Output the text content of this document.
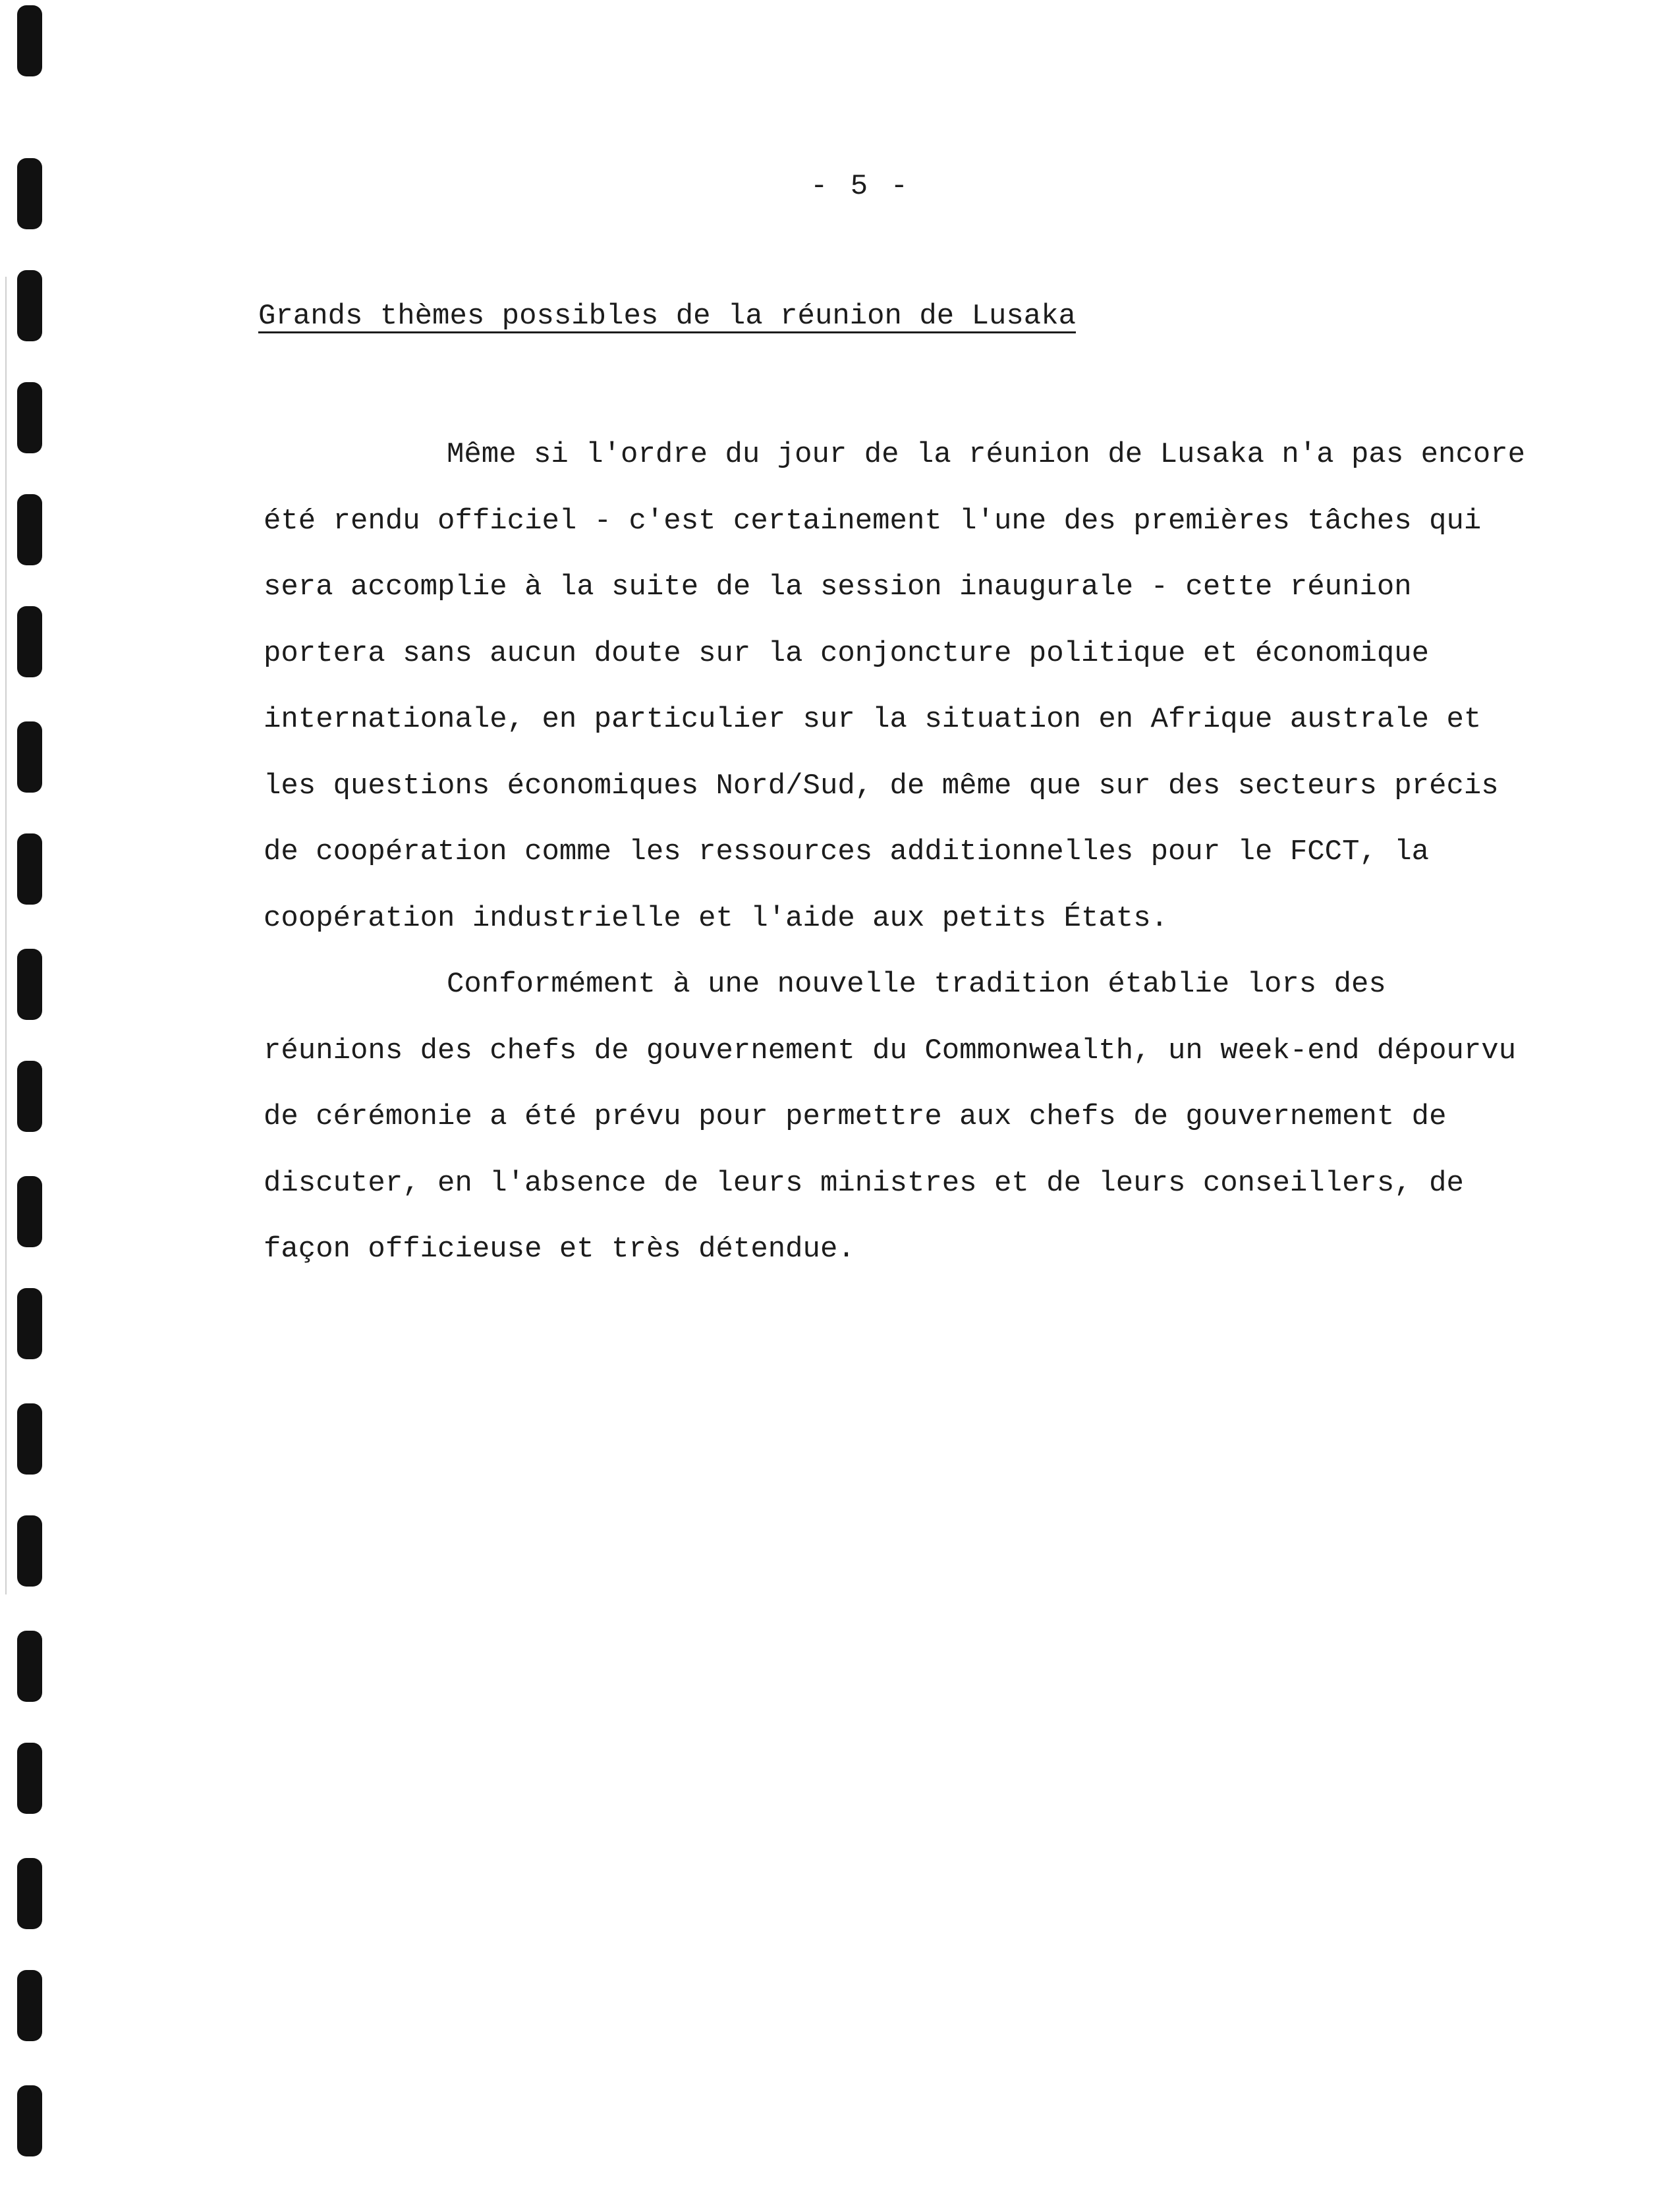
- 5 -
Grands thèmes possibles de la réunion de Lusaka

Même si l'ordre du jour de la réunion de Lusaka n'a pas encore

été rendu officiel - c'est certainement l'une des premières tâches qui

sera accomplie à la suite de la session inaugurale - cette réunion

portera sans aucun doute sur la conjoncture politique et économique

internationale, en particulier sur la situation en Afrique australe et

les questions économiques Nord/Sud, de même que sur des secteurs précis

de coopération comme les ressources additionnelles pour le FCCT, la

coopération industrielle et l'aide aux petits États.

Conformément à une nouvelle tradition établie lors des

réunions des chefs de gouvernement du Commonwealth, un week-end dépourvu

de cérémonie a été prévu pour permettre aux chefs de gouvernement de

discuter, en l'absence de leurs ministres et de leurs conseillers, de

façon officieuse et très détendue.
